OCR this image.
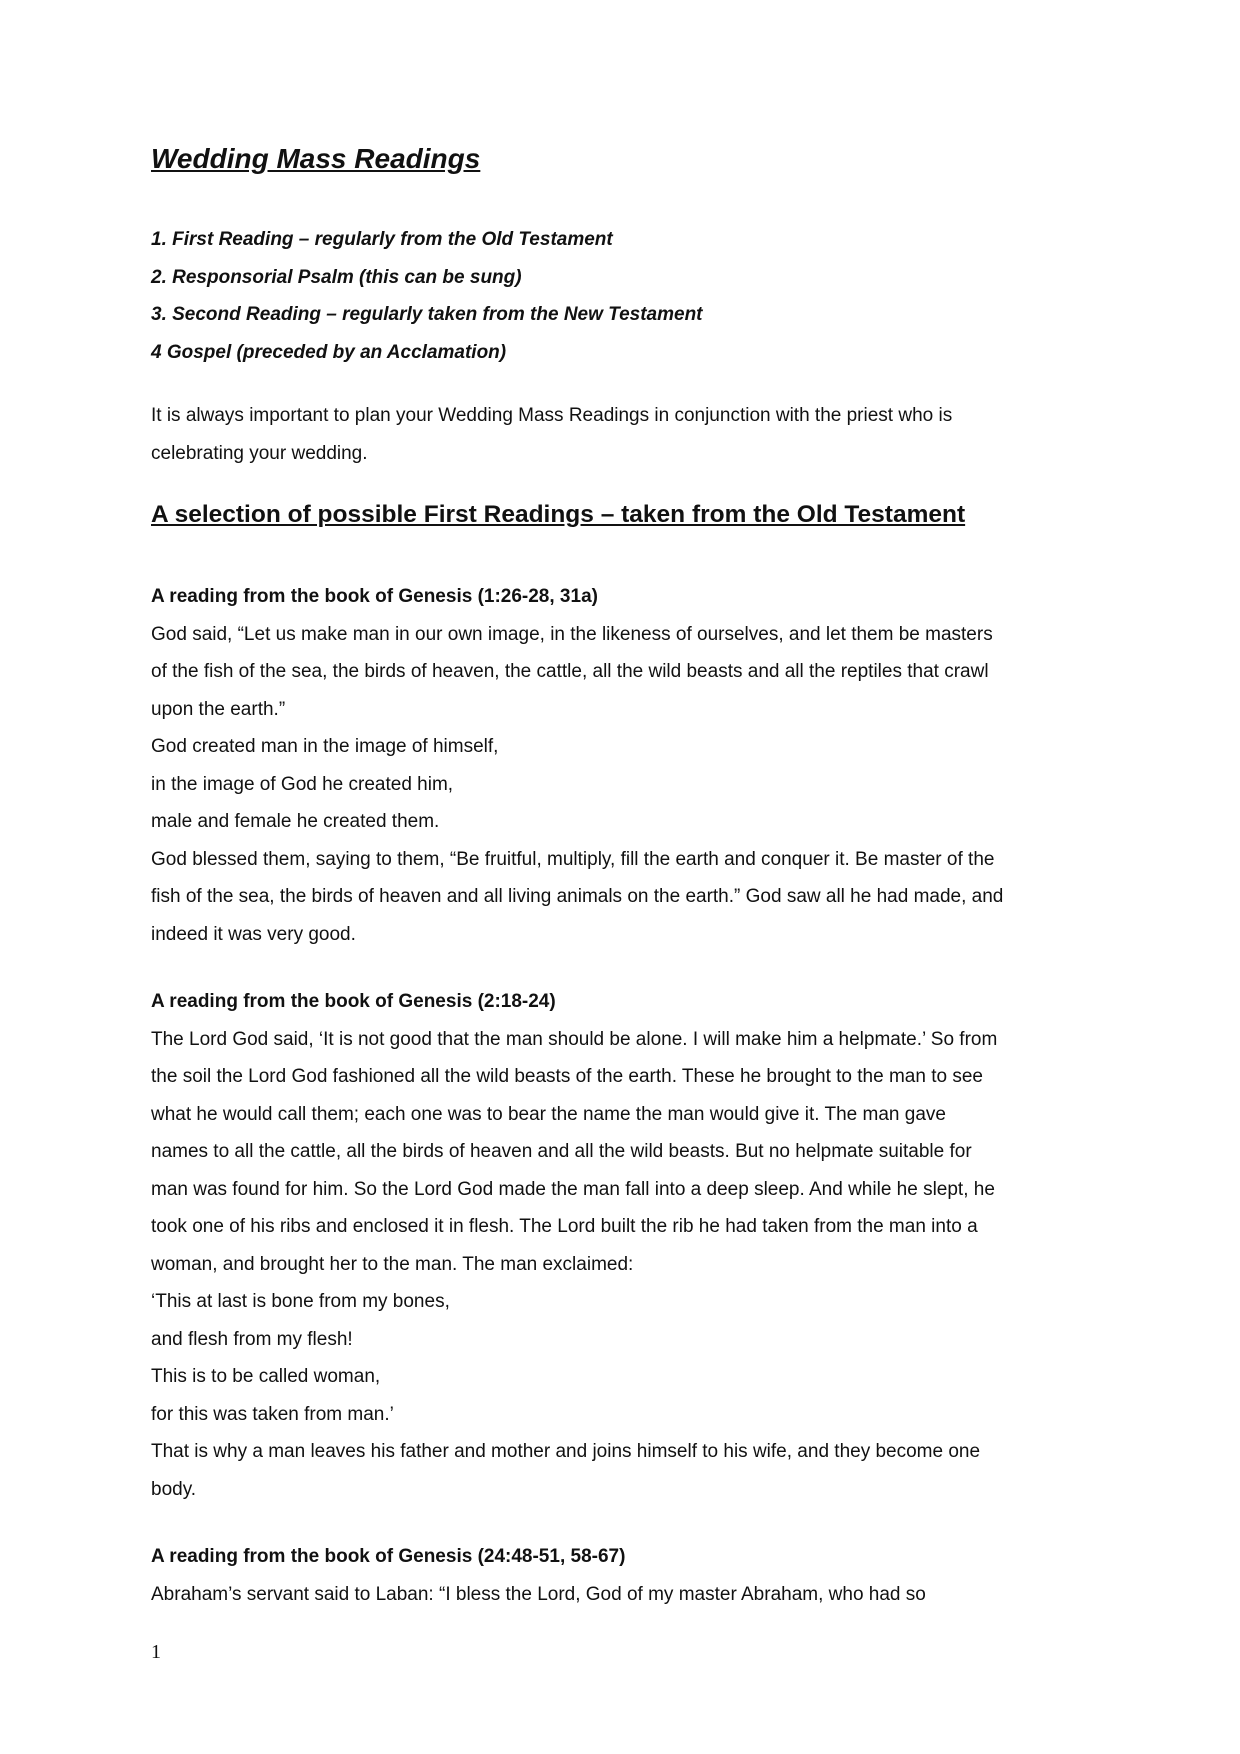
Wedding Mass Readings
1. First Reading – regularly from the Old Testament
2. Responsorial Psalm (this can be sung)
3. Second Reading – regularly taken from the New Testament
4 Gospel (preceded by an Acclamation)
It is always important to plan your Wedding Mass Readings in conjunction with the priest who is
celebrating your wedding.
A selection of possible First Readings – taken from the Old Testament
A reading from the book of Genesis (1:26-28, 31a)
God said, “Let us make man in our own image, in the likeness of ourselves, and let them be masters
of the fish of the sea, the birds of heaven, the cattle, all the wild beasts and all the reptiles that crawl
upon the earth.”
God created man in the image of himself,
in the image of God he created him,
male and female he created them.
God blessed them, saying to them, “Be fruitful, multiply, fill the earth and conquer it. Be master of the
fish of the sea, the birds of heaven and all living animals on the earth.” God saw all he had made, and
indeed it was very good.
A reading from the book of Genesis (2:18-24)
The Lord God said, ‘It is not good that the man should be alone. I will make him a helpmate.’ So from
the soil the Lord God fashioned all the wild beasts of the earth. These he brought to the man to see
what he would call them; each one was to bear the name the man would give it. The man gave
names to all the cattle, all the birds of heaven and all the wild beasts. But no helpmate suitable for
man was found for him. So the Lord God made the man fall into a deep sleep. And while he slept, he
took one of his ribs and enclosed it in flesh. The Lord built the rib he had taken from the man into a
woman, and brought her to the man. The man exclaimed:
‘This at last is bone from my bones,
and flesh from my flesh!
This is to be called woman,
for this was taken from man.’
That is why a man leaves his father and mother and joins himself to his wife, and they become one
body.
A reading from the book of Genesis (24:48-51, 58-67)
Abraham’s servant said to Laban: “I bless the Lord, God of my master Abraham, who had so
1
